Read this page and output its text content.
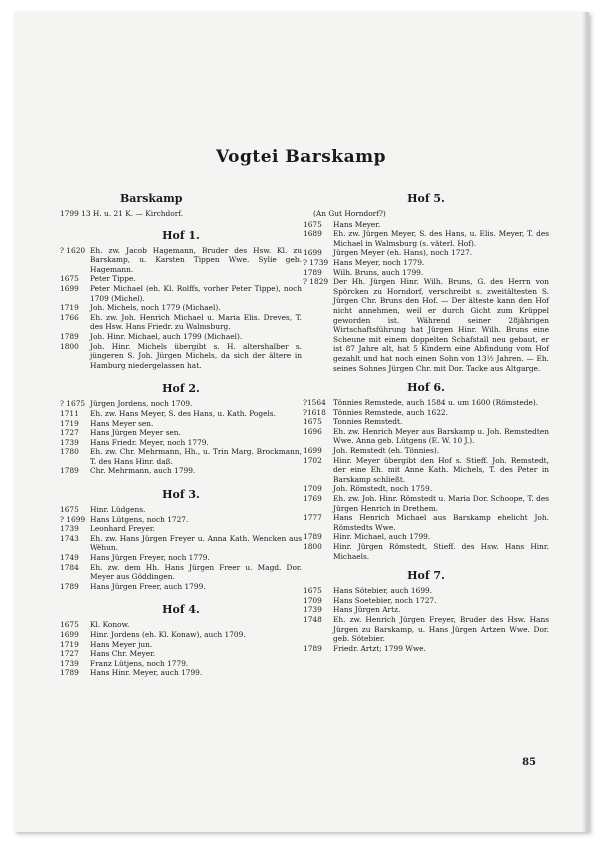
Vogtei Barskamp
Barskamp
1799 13 H. u. 21 K. — Kirchdorf.
Hof 1.
? 1620 Eh. zw. Jacob Hagemann, Bruder des Hsw. Kl. zu Barskamp, u. Karsten Tippen Wwe. Sylie geb. Hagemann.
1675	Peter Tippe.
1699	Peter Michael (eh. Kl. Rolffs, vorher Peter Tippe), noch 1709 (Michel).
1719	Joh. Michels, noch 1779 (Michael).
1766	Eh. zw. Joh. Henrich Michael u. Maria Elis. Dreves, T. des Hsw. Hans Friedr. zu Walmsburg.
1789	Joh. Hinr. Michael, auch 1799 (Michael).
1800	Joh. Hinr. Michels übergibt s. H. altershalber s. jüngeren S. Joh. Jürgen Michels, da sich der ältere in Hamburg niedergelassen hat.
Hof 2.
? 1675 Jürgen Jordens, noch 1709.
1711	Eh. zw. Hans Meyer, S. des Hans, u. Kath. Pogels.
1719	Hans Meyer sen.
1727	Hans Jürgen Meyer sen.
1739	Hans Friedr. Meyer, noch 1779.
1780	Eh. zw. Chr. Mehrmann, Hh., u. Trin Marg. Brockmann, T. des Hans Hinr. daß.
1789	Chr. Mehrmann, auch 1799.
Hof 3.
1675	Hinr. Lüdgens.
? 1699 Hans Lütgens, noch 1727.
1739	Leonhard Freyer.
1743	Eh. zw. Hans Jürgen Freyer u. Anna Kath. Wencken aus Wëhun.
1749	Hans Jürgen Freyer, noch 1779.
1784	Eh. zw. dem Hh. Hans Jürgen Freer u. Magd. Dor. Meyer aus Göddingen.
1789	Hans Jürgen Freer, auch 1799.
Hof 4.
1675	Kl. Konow.
1699	Hinr. Jordens (eh. Kl. Konaw), auch 1709.
1719	Hans Meyer jun.
1727	Hans Chr. Meyer.
1739	Franz Lütjens, noch 1779.
1789	Hans Hinr. Meyer, auch 1799.
Hof 5.
(An Gut Horndorf?)
1675	Hans Meyer.
1689	Eh. zw. Jürgen Meyer, S. des Hans, u. Elis. Meyer, T. des Michael in Walmsburg (s. väterl. Hof).
1699	Jürgen Meyer (eh. Hans), noch 1727.
? 1739 Hans Meyer, noch 1779.
1789	Wilh. Bruns, auch 1799.
? 1829 Der Hh. Jürgen Hinr. Wilh. Bruns, G. des Herrn von Spörcken zu Horndorf, verschreibt s. zweitältesten S. Jürgen Chr. Bruns den Hof. — Der älteste kann den Hof nicht annehmen, weil er durch Gicht zum Krüppel geworden ist. Während seiner 28jährigen Wirtschaftsführung hat Jürgen Hinr. Wilh. Bruns eine Scheune mit einem doppelten Schafstall neu gebaut, er ist 87 Jahre alt, hat 5 Kindern eine Abfindung vom Hof gezahlt und hat noch einen Sohn von 13½ Jahren. — Eh. seines Sohnes Jürgen Chr. mit Dor. Tacke aus Altgarge.
Hof 6.
?1564 Tönnies Remstede, auch 1584 u. um 1600 (Römstede).
?1618 Tönnies Remstede, auch 1622.
1675	Tonnies Remstedt.
1696	Eh. zw. Henrich Meyer aus Barskamp u. Joh. Remstedten Wwe. Anna geb. Lütgens (E. W. 10 J.).
1699	Joh. Remstedt (eh. Tönnies).
1702	Hinr. Meyer übergibt den Hof s. Stieff. Joh. Remstedt, der eine Eh. mit Anne Kath. Michels, T. des Peter in Barskamp schließt.
1709	Joh. Römstedt, noch 1759.
1769	Eh. zw. Joh. Hinr. Römstedt u. Maria Dor. Schoope, T. des Jürgen Henrich in Drethem.
1777	Hans Henrich Michael aus Barskamp ehelicht Joh. Römstedts Wwe.
1789	Hinr. Michael, auch 1799.
1800	Hinr. Jürgen Römstedt, Stieff. des Hsw. Hans Hinr. Michaels.
Hof 7.
1675	Hans Sötebier, auch 1699.
1709	Hans Soetebier, noch 1727.
1739	Hans Jürgen Artz.
1748	Eh. zw. Henrich Jürgen Freyer, Bruder des Hsw. Hans Jürgen zu Barskamp, u. Hans Jürgen Artzen Wwe. Dor. geb. Sötebier.
1789	Friedr. Artzt; 1799 Wwe.
85
